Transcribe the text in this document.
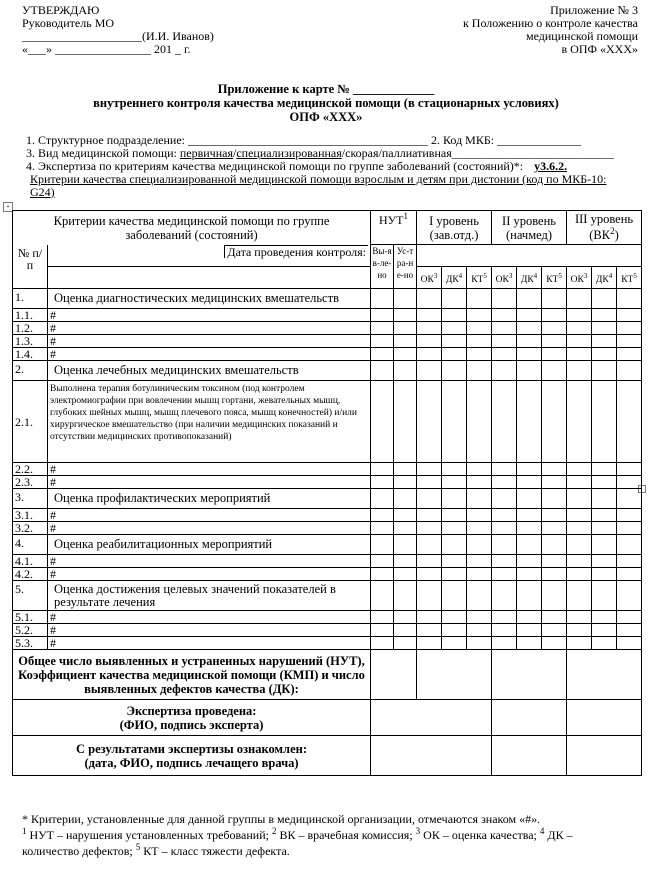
УТВЕРЖДАЮ
Руководитель МО
____________________(И.И. Иванов)
«___» ________________ 201 _ г.
Приложение № 3
к Положению о контроле качества
медицинской помощи
в ОПФ «XXX»
Приложение к карте № _____________
внутреннего контроля качества медицинской помощи (в стационарных условиях)
ОПФ «XXX»
1. Структурное подразделение: ________________________________________ 2. Код МКБ: ______________
3. Вид медицинской помощи: первичная/специализированная/скорая/паллиативная___________________________
4. Экспертиза по критериям качества медицинской помощи по группе заболеваний (состояний)*: у3.6.2.
Критерии качества специализированной медицинской помощи взрослым и детям при дистонии (код по МКБ-10: G24)
+
Критерии качества медицинской помощи по группе заболеваний (состояний)		НУТ$^1$		I уровень (зав.отд.)			II уровень (начмед)			III уровень $(ВК^2)$		
№ п/п	Дата проведения контроля:	Вы-яв-ле-но	Ус-тра-не-но									
				$ОК^3$	$ДК^4$	$КТ^5$	$ОК^3$	$ДК^4$	$КТ^5$	$ОК^3$	$ДК^4$	$КТ^5$
1.	Оценка диагностических медицинских вмешательств											
1.1.	#											
1.2.	#											
1.3.	#											
1.4.	#											
2.	Оценка лечебных медицинских вмешательств											
2.1.	Выполнена терапия ботулиническим токсином (под контролем электромиографии при вовлечении мышц гортани, жевательных мышц, глубоких шейных мышц, мышц плечевого пояса, мышц конечностей) и/или хирургическое вмешательство (при наличии медицинских показаний и отсутствии медицинских противопоказаний)											
2.2.	#											
2.3.	#											
3.	Оценка профилактических мероприятий											
3.1.	#											
3.2.	#											
4.	Оценка реабилитационных мероприятий											
4.1.	#											
4.2.	#											
5.	Оценка достижения целевых значений показателей в результате лечения											
5.1.	#											
5.2.	#											
5.3.	#											
Общее число выявленных и устраненных нарушений (НУТ), Коэффициент качества медицинской помощи (КМП) и число выявленных дефектов качества (ДК):												

Экспертиза проведена:
(ФИО, подпись эксперта)												

С результатами экспертизы ознакомлен:
(дата, ФИО, подпись лечащего врача)												

* Критерии, установленные для данной группы в медицинской организации, отмечаются знаком «#».
$^1$ НУТ – нарушения установленных требований; $^2$ ВК – врачебная комиссия; $^3$ ОК – оценка качества; $^4$ ДК –
количество дефектов; $^5$ КТ – класс тяжести дефекта.
